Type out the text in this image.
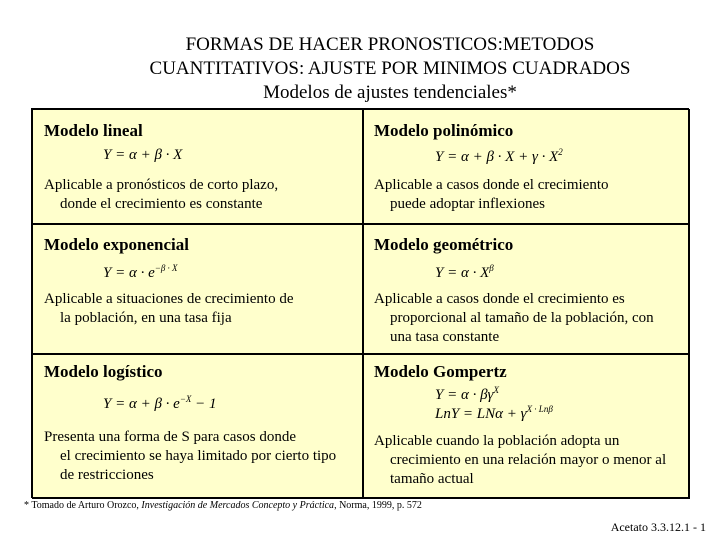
FORMAS DE HACER PRONOSTICOS:METODOS
CUANTITATIVOS: AJUSTE POR MINIMOS CUADRADOS
Modelos de ajustes tendenciales*
Modelo lineal
Y = α + β · X
Aplicable a pronósticos de corto plazo,
donde el crecimiento es constante
Modelo polinómico
$Y = \alpha + \beta \cdot X + \gamma \cdot X^2$
Aplicable a casos donde el crecimiento
puede adoptar inflexiones
Modelo exponencial
$Y = \alpha \cdot e^{-\beta \cdot X}$
Aplicable a situaciones de crecimiento de
la población, en una tasa fija
Modelo geométrico
$Y = \alpha \cdot X^\beta$
Aplicable a casos donde el crecimiento es
proporcional al tamaño de la población, con una tasa constante
Modelo logístico
$Y = \alpha + \beta \cdot e^{-X} - 1$
Presenta una forma de S para casos donde
el crecimiento se haya limitado por cierto tipo de restricciones
Modelo Gompertz
$Y = \alpha \cdot \beta\gamma^X$
LnY = $LN\alpha + \gamma^{X \cdot Ln\beta}$
Aplicable cuando la población adopta un
crecimiento en una relación mayor o menor al tamaño actual
* Tomado de Arturo Orozco, Investigación de Mercados Concepto y Práctica, Norma, 1999, p. 572
Acetato 3.3.12.1 - 1
